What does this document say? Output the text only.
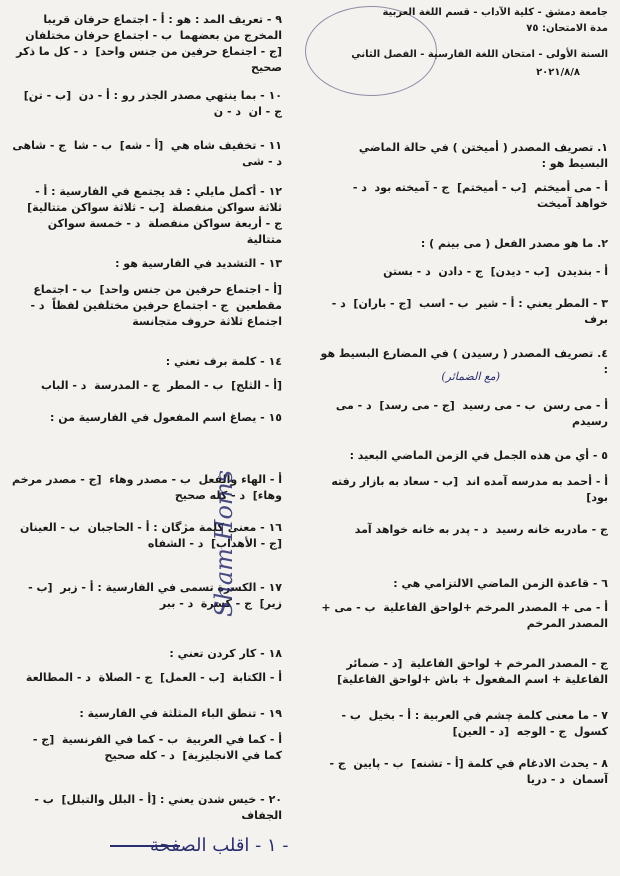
جامعة دمشق - كلية الآداب - قسم اللغة العربية
مدة الامتحان: ٧٥
السنة الأولى - امتحان اللغة الفارسية - الفصل الثاني
٢٠٢١/٨/٨
١. تصريف المصدر ( أميختن ) في حالة الماضي البسيط هو :
أ - مى أميختم  [ب - أميختم]  ج - آميخته بود  د - خواهد آميخت
٢. ما هو مصدر الفعل ( مى بينم ) :
أ - بنديدن  [ب - ديدن]  ج - دادن  د - بستن
٣ - المطر يعني : أ - شير  ب - اسب  [ج - باران]  د - برف
٤. تصريف المصدر ( رسيدن ) في المضارع البسيط هو :
أ - مى رسن  ب - مى رسيد  [ج - مى رسد]  د - مى رسيدم
٥ - أي من هذه الجمل في الزمن الماضي البعيد :
أ - أحمد به مدرسه آمده اند  [ب - سعاد به بازار رفته بود]
ج - مادربه خانه رسيد  د - پدر به خانه خواهد آمد
٦ - قاعدة الزمن الماضي الالتزامي هي :
أ - مى + المصدر المرخم +لواحق الفاعلية  ب - مى + المصدر المرخم
ج - المصدر المرخم + لواحق الفاعلية  [د - ضمائر الفاعلية + اسم المفعول + باش +لواحق الفاعلية]
٧ - ما معنى كلمة چشم في العربية : أ - بخيل  ب - كسول  ج - الوجه  [د - العين]
٨ - يحدث الادغام في كلمة [أ - تشنه]  ب - پايين  ج - آسمان  د - دريا
٩ - تعريف المد : هو : أ - اجتماع حرفان قريبا المخرج من بعضهما  ب - اجتماع حرفان مختلفان [ج - اجتماع حرفين من جنس واحد]  د - كل ما ذكر صحيح
١٠ - بما ينتهي مصدر الجذر رو : أ - دن  [ب - تن]  ج - ان  د - ن
١١ - تخفيف شاه هي  [أ - شه]  ب - شا  ج - شاهى  د - شى
١٢ - أكمل مايلي : قد يجتمع في الفارسية : أ - ثلاثة سواكن منفصلة  [ب - ثلاثة سواكن متتالية]  ج - أربعة سواكن منفصلة  د - خمسة سواكن متتالية
١٣ - التشديد في الفارسية هو :
[أ - اجتماع حرفين من جنس واحد]  ب - اجتماع مقطعين  ج - اجتماع حرفين مختلفين لفظاً  د - اجتماع ثلاثة حروف متجانسة
١٤ - كلمة برف تعني :
[أ - الثلج]  ب - المطر  ج - المدرسة  د - الباب
١٥ - يصاغ اسم المفعول في الفارسية من :
أ - الهاء والفعل  ب - مصدر وهاء  [ج - مصدر مرخم وهاء]  د - كله صحيح
١٦ - معنى كلمة مژگان : أ - الحاجبان  ب - العينان  [ج - الأهداب]  د - الشفاه
١٧ - الكسرة تسمى في الفارسية : أ - زبر  [ب - زير]  ج - كسرة  د - ببر
١٨ - كار كردن تعني :
أ - الكتابة  [ب - العمل]  ج - الصلاة  د - المطالعة
١٩ - تنطق الباء المثلثة في الفارسية :
أ - كما في العربية  ب - كما في الفرنسية  [ج - كما في الانجليزية]  د - كله صحيح
٢٠ - خيس شدن يعني : [أ - البلل والتبلل]  ب - الجفاف
Sham Homs
(مع الضمائر)
- ١ - اقلب الصفحة
